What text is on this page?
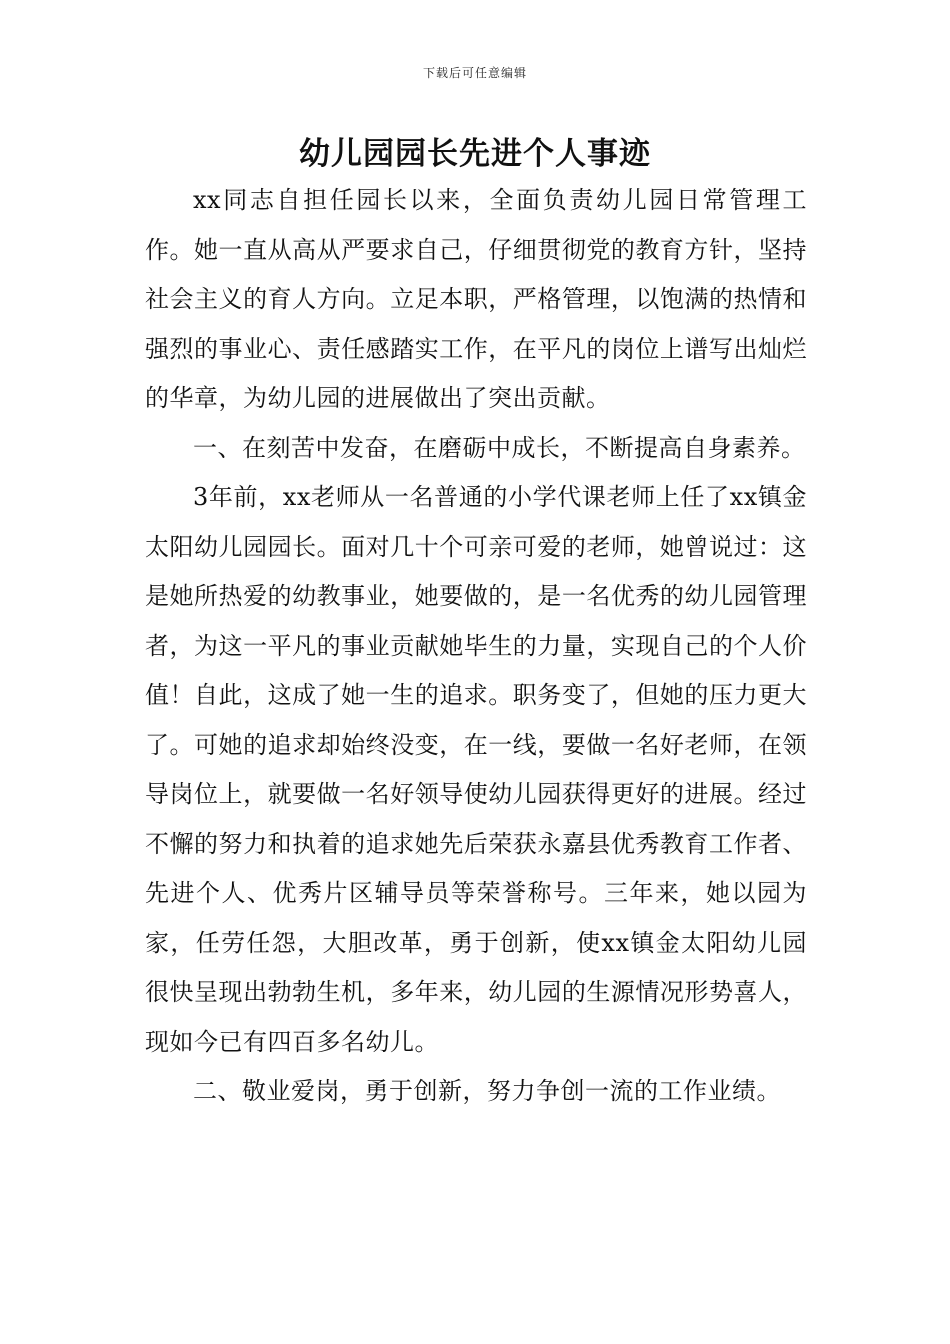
下载后可任意编辑
幼儿园园长先进个人事迹

xx同志自担任园长以来，全面负责幼儿园日常管理工作。她一直从高从严要求自己，仔细贯彻党的教育方针，坚持社会主义的育人方向。立足本职，严格管理，以饱满的热情和强烈的事业心、责任感踏实工作，在平凡的岗位上谱写出灿烂的华章，为幼儿园的进展做出了突出贡献。

一、在刻苦中发奋，在磨砺中成长，不断提高自身素养。

3年前，xx老师从一名普通的小学代课老师上任了xx镇金太阳幼儿园园长。面对几十个可亲可爱的老师，她曾说过：这是她所热爱的幼教事业，她要做的，是一名优秀的幼儿园管理者，为这一平凡的事业贡献她毕生的力量，实现自己的个人价值！自此，这成了她一生的追求。职务变了，但她的压力更大了。可她的追求却始终没变，在一线，要做一名好老师，在领导岗位上，就要做一名好领导使幼儿园获得更好的进展。经过不懈的努力和执着的追求她先后荣获永嘉县优秀教育工作者、先进个人、优秀片区辅导员等荣誉称号。三年来，她以园为家，任劳任怨，大胆改革，勇于创新，使xx镇金太阳幼儿园很快呈现出勃勃生机，多年来，幼儿园的生源情况形势喜人，现如今已有四百多名幼儿。

二、敬业爱岗，勇于创新，努力争创一流的工作业绩。
